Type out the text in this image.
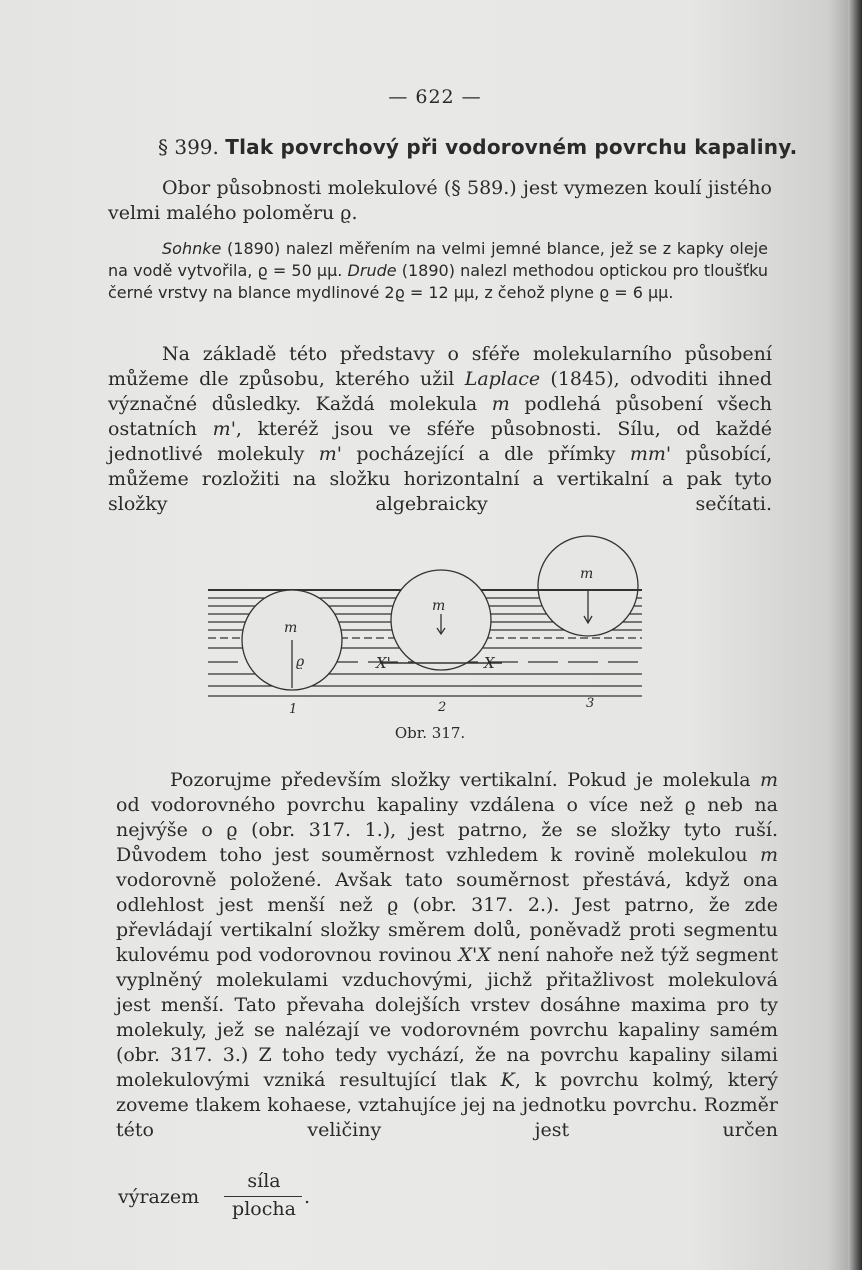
— 622 —
§ 399. Tlak povrchový při vodorovném povrchu kapaliny.
Obor působnosti molekulové (§ 589.) jest vymezen koulí jistého velmi malého poloměru ϱ.
Sohnke (1890) nalezl měřením na velmi jemné blance, jež se z kapky oleje na vodě vytvořila, ϱ = 50 μμ. Drude (1890) nalezl methodou optickou pro tloušťku černé vrstvy na blance mydlinové 2ϱ = 12 μμ, z čehož plyne ϱ = 6 μμ.
Na základě této představy o sféře molekularního působení můžeme dle způsobu, kterého užil Laplace (1845), odvoditi ihned význačné důsledky. Každá molekula m podlehá působení všech ostatních m', kteréž jsou ve sféře působnosti. Sílu, od každé jednotlivé molekuly m' pocházející a dle přímky mm' působící, můžeme rozložiti na složku horizontalní a vertikalní a pak tyto složky algebraicky sečítati.
m
ϱ
m
m
X'	X
1	2	3
Obr. 317.
Pozorujme především složky vertikalní. Pokud je molekula m od vodorovného povrchu kapaliny vzdálena o více než ϱ neb na nejvýše o ϱ (obr. 317. 1.), jest patrno, že se složky tyto ruší. Důvodem toho jest souměrnost vzhledem k rovině molekulou m vodorovně položené. Avšak tato souměrnost přestává, když ona odlehlost jest menší než ϱ (obr. 317. 2.). Jest patrno, že zde převládají vertikalní složky směrem dolů, poněvadž proti segmentu kulovému pod vodorovnou rovinou X'X není nahoře než týž segment vyplněný molekulami vzduchovými, jichž přitažlivost molekulová jest menší. Tato převaha dolejších vrstev dosáhne maxima pro ty molekuly, jež se nalézají ve vodorovném povrchu kapaliny samém (obr. 317. 3.) Z toho tedy vychází, že na povrchu kapaliny silami molekulovými vzniká resultující tlak K, k povrchu kolmý, který zoveme tlakem kohaese, vztahujíce jej na jednotku povrchu. Rozměr této veličiny jest určen
výrazem
síla
plocha
.
